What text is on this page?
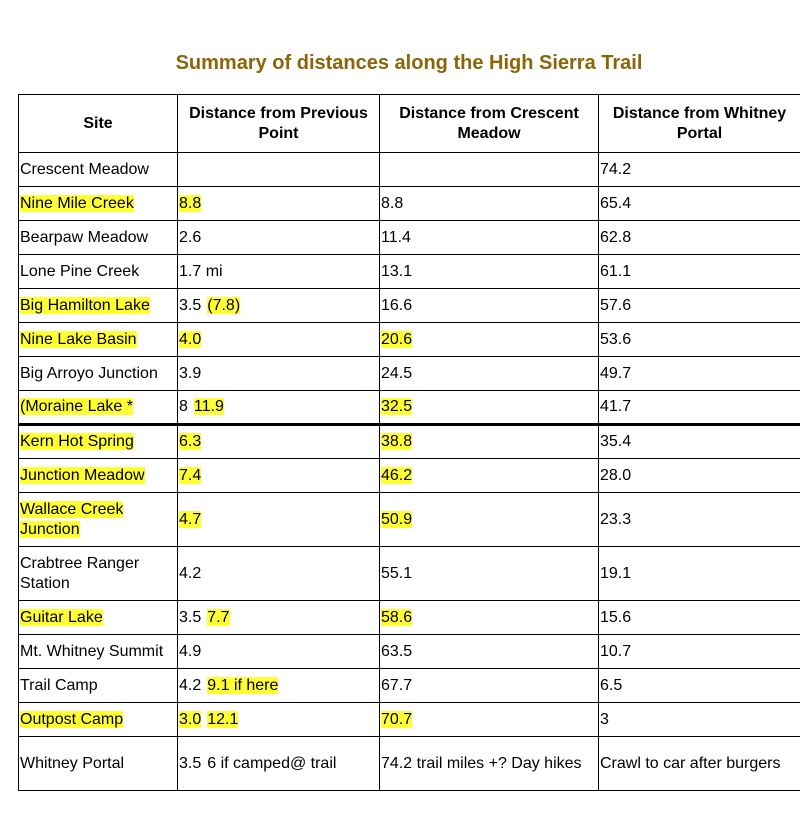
Summary of distances along the High Sierra Trail
Site	Distance from Previous Point	Distance from Crescent Meadow	Distance from Whitney Portal
Crescent Meadow			74.2
Nine Mile Creek	8.8	8.8	65.4
Bearpaw Meadow	2.6	11.4	62.8
Lone Pine Creek	1.7 mi	13.1	61.1
Big Hamilton Lake	3.5 (7.8)	16.6	57.6
Nine Lake Basin	4.0	20.6	53.6
Big Arroyo Junction	3.9	24.5	49.7
(Moraine Lake *	8 11.9	32.5	41.7
Kern Hot Spring	6.3	38.8	35.4
Junction Meadow	7.4	46.2	28.0
Wallace Creek Junction	4.7	50.9	23.3
Crabtree Ranger Station	4.2	55.1	19.1
Guitar Lake	3.5 7.7	58.6	15.6
Mt. Whitney Summit	4.9	63.5	10.7
Trail Camp	4.2 9.1 if here	67.7	6.5
Outpost Camp	3.0 12.1	70.7	3
Whitney Portal	3.5 6 if camped@ trail	74.2 trail miles +? Day hikes	Crawl to car after burgers
